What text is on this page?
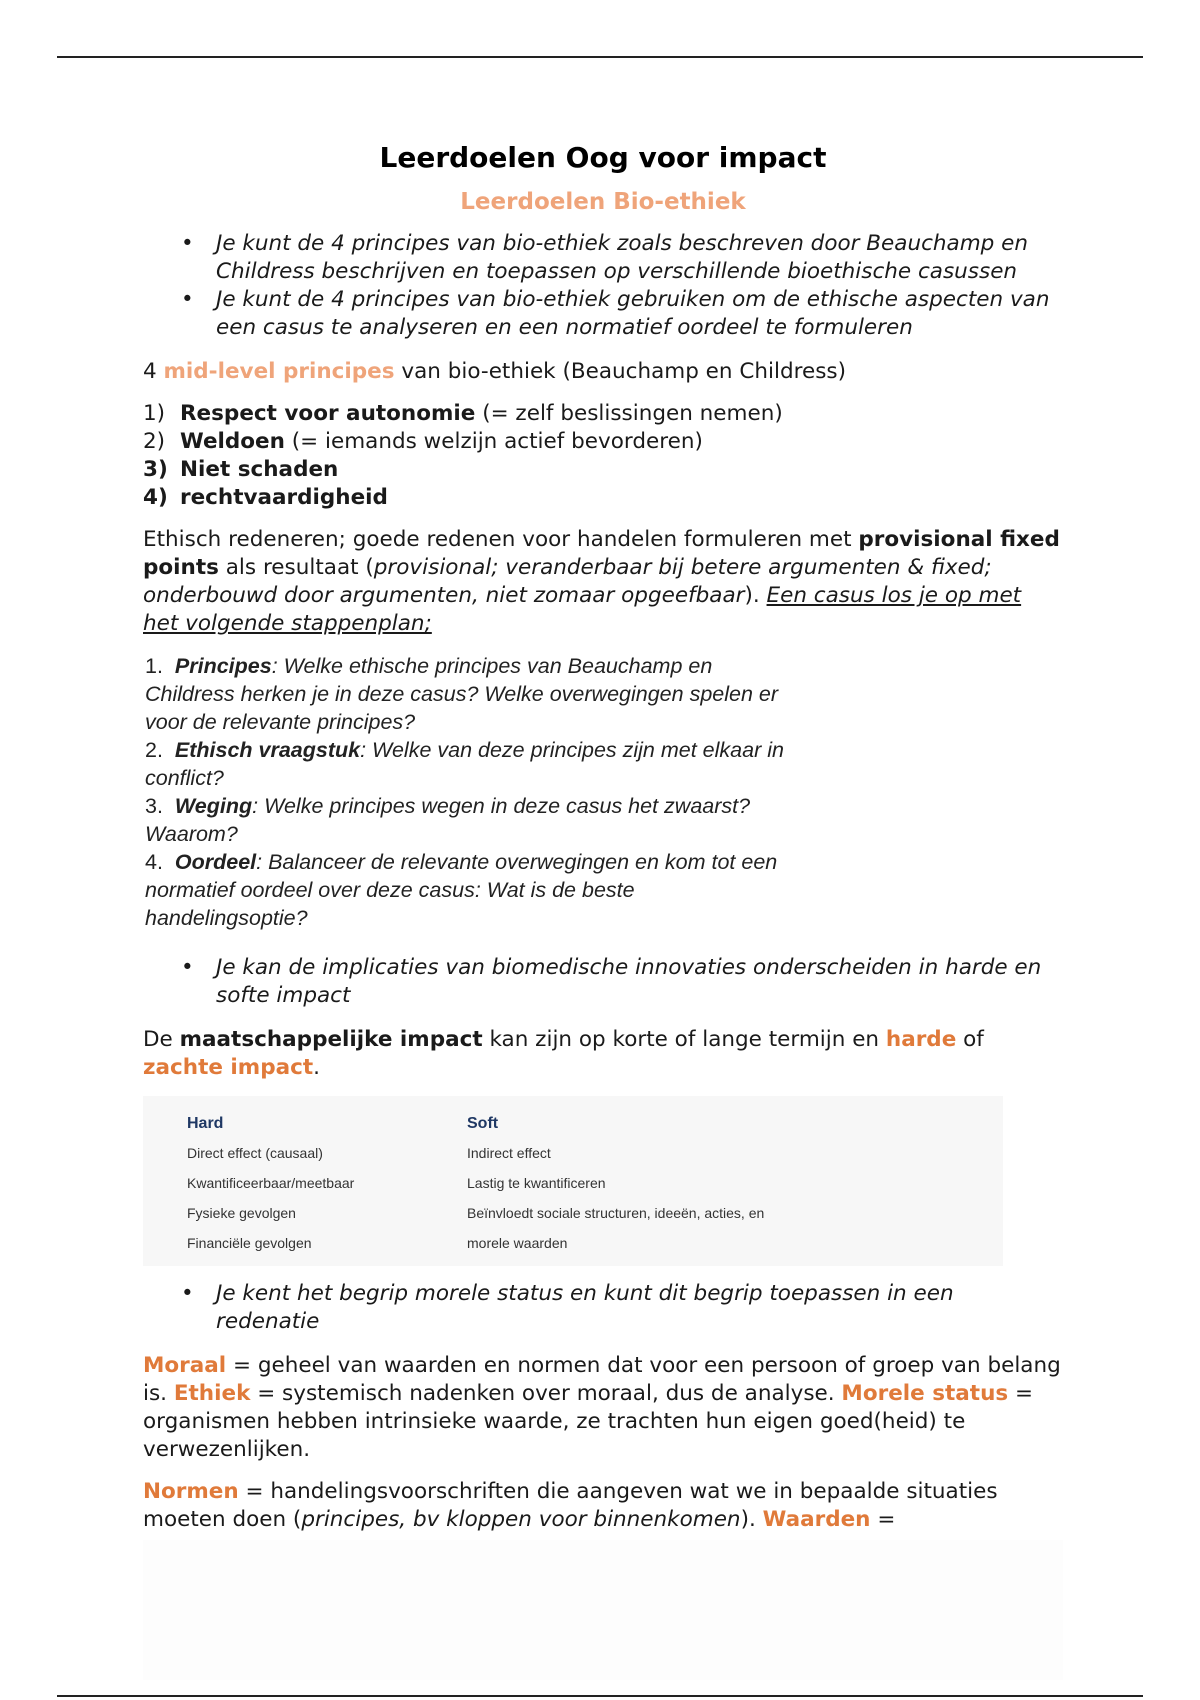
Leerdoelen Oog voor impact
Leerdoelen Bio-ethiek
• Je kunt de 4 principes van bio-ethiek zoals beschreven door Beauchamp en Childress beschrijven en toepassen op verschillende bioethische casussen
• Je kunt de 4 principes van bio-ethiek gebruiken om de ethische aspecten van een casus te analyseren en een normatief oordeel te formuleren

4 mid-level principes van bio-ethiek (Beauchamp en Childress)

1) Respect voor autonomie (= zelf beslissingen nemen)
2) Weldoen (= iemands welzijn actief bevorderen)
3) Niet schaden
4) rechtvaardigheid

Ethisch redeneren; goede redenen voor handelen formuleren met provisional fixed points als resultaat (provisional; veranderbaar bij betere argumenten & fixed; onderbouwd door argumenten, niet zomaar opgeefbaar). Een casus los je op met het volgende stappenplan;

1. Principes: Welke ethische principes van Beauchamp en Childress herken je in deze casus? Welke overwegingen spelen er voor de relevante principes?

2. Ethisch vraagstuk: Welke van deze principes zijn met elkaar in conflict?

3. Weging: Welke principes wegen in deze casus het zwaarst? Waarom?

4. Oordeel: Balanceer de relevante overwegingen en kom tot een normatief oordeel over deze casus: Wat is de beste handelingsoptie?

• Je kan de implicaties van biomedische innovaties onderscheiden in harde en softe impact

De maatschappelijke impact kan zijn op korte of lange termijn en harde of zachte impact.

Hard
Direct effect (causaal)
Kwantificeerbaar/meetbaar
Fysieke gevolgen
Financiële gevolgen
Soft
Indirect effect
Lastig te kwantificeren
Beïnvloedt sociale structuren, ideeën, acties, en
morele waarden
• Je kent het begrip morele status en kunt dit begrip toepassen in een redenatie

Moraal = geheel van waarden en normen dat voor een persoon of groep van belang is. Ethiek = systemisch nadenken over moraal, dus de analyse. Morele status = organismen hebben intrinsieke waarde, ze trachten hun eigen goed(heid) te verwezenlijken.

Normen = handelingsvoorschriften die aangeven wat we in bepaalde situaties moeten doen (principes, bv kloppen voor binnenkomen). Waarden =
